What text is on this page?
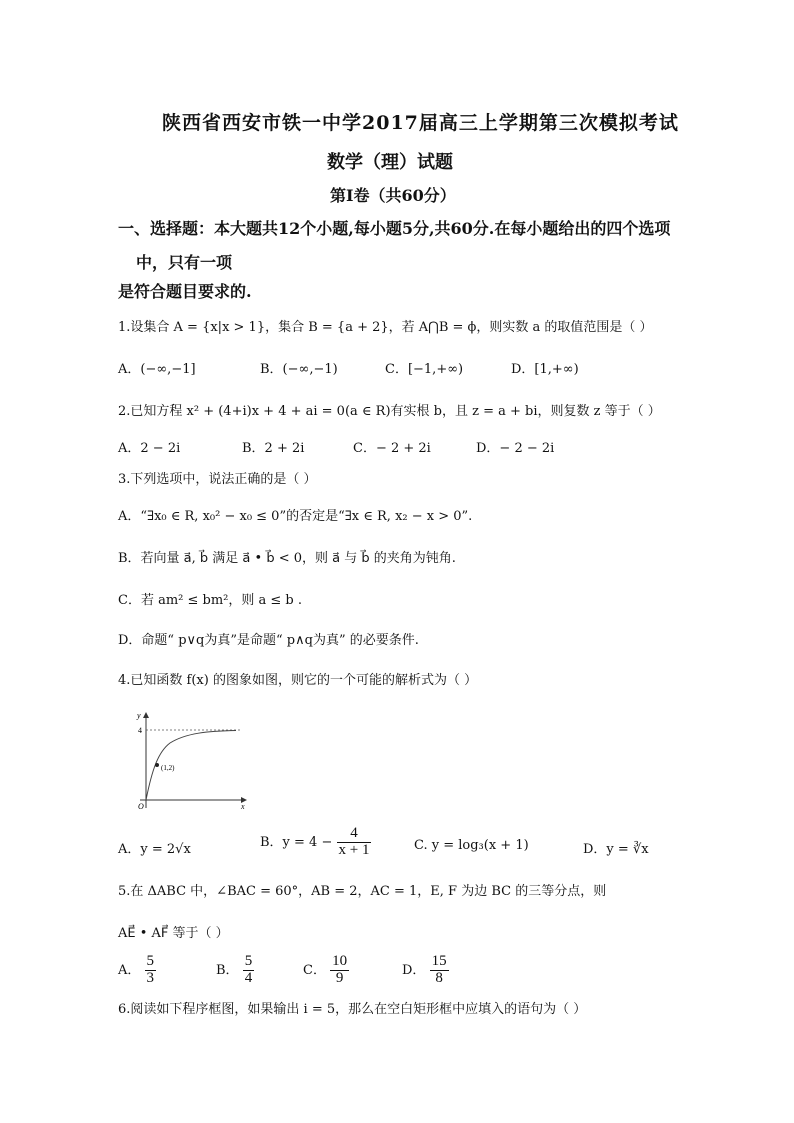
陕西省西安市铁一中学2017届高三上学期第三次模拟考试
数学（理）试题
第Ⅰ卷（共60分）
一、选择题：本大题共12个小题,每小题5分,共60分.在每小题给出的四个选项
中，只有一项
是符合题目要求的.
1.设集合 A = {x|x > 1}，集合 B = {a + 2}，若 A⋂B = ϕ，则实数 a 的取值范围是（ ）
A．(−∞,−1]	B．(−∞,−1)	C．[−1,+∞)	D．[1,+∞)
2.已知方程 x² + (4+i)x + 4 + ai = 0(a ∈ R)有实根 b，且 z = a + bi，则复数 z 等于（ ）
A．2 − 2i	B．2 + 2i	C．− 2 + 2i	D．− 2 − 2i
3.下列选项中，说法正确的是（ ）
A．“∃x₀ ∈ R, x₀² − x₀ ≤ 0”的否定是“∃x ∈ R, x₂ − x > 0”.
B．若向量 a⃗, b⃗ 满足 a⃗ • b⃗ < 0，则 a⃗ 与 b⃗ 的夹角为钝角.
C．若 am² ≤ bm²，则 a ≤ b .
D．命题“ p∨q为真”是命题“ p∧q为真” 的必要条件.
4.已知函数 f(x) 的图象如图，则它的一个可能的解析式为（ ）
y
x
O
4
(1,2)
A．y = 2√x	B．$y = 4 - \frac{4}{x + 1}$	C. y = log₃(x + 1)	D．y = ∛x
5.在 ΔABC 中，∠BAC = 60°，AB = 2，AC = 1，E, F 为边 BC 的三等分点，则
AE⃗ • AF⃗ 等于（ ）
A． $\frac{5}{3}$	B． $\frac{5}{4}$	C． $\frac{10}{9}$	D． $\frac{15}{8}$
6.阅读如下程序框图，如果输出 i = 5，那么在空白矩形框中应填入的语句为（ ）
